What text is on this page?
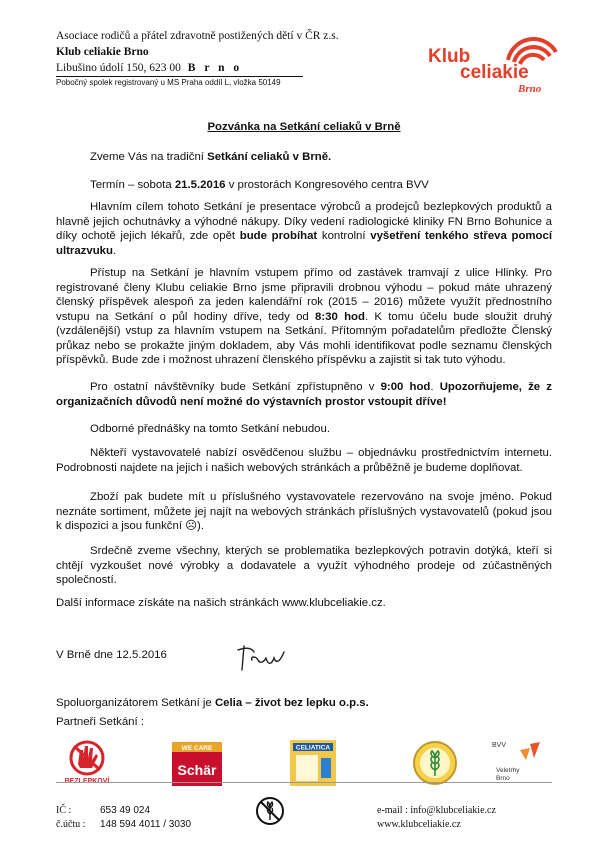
Asociace rodičů a přátel zdravotně postižených dětí v ČR z.s.
Klub celiakie Brno
Libušino údolí 150, 623 00 B r n o
Pobočný spolek registrovaný u MS Praha oddíl L, vložka 50149
Klub
celiakie
Brno
Pozvánka na Setkání celiaků v Brně
Zveme Vás na tradiční Setkání celiaků v Brně.
Termín – sobota 21.5.2016 v prostorách Kongresového centra BVV
Hlavním cílem tohoto Setkání je presentace výrobců a prodejců bezlepkových produktů a hlavně jejich ochutnávky a výhodné nákupy. Díky vedení radiologické kliniky FN Brno Bohunice a díky ochotě jejich lékařů, zde opět bude probíhat kontrolní vyšetření tenkého střeva pomocí ultrazvuku.
Přístup na Setkání je hlavním vstupem přímo od zastávek tramvají z ulice Hlinky. Pro registrované členy Klubu celiakie Brno jsme připravili drobnou výhodu – pokud máte uhrazený členský příspěvek alespoň za jeden kalendářní rok (2015 – 2016) můžete využít přednostního vstupu na Setkání o půl hodiny dříve, tedy od 8:30 hod. K tomu účelu bude sloužit druhý (vzdálenější) vstup za hlavním vstupem na Setkání. Přítomným pořadatelům předložte Členský průkaz nebo se prokažte jiným dokladem, aby Vás mohli identifikovat podle seznamu členských příspěvků. Bude zde i možnost uhrazení členského příspěvku a zajistit si tak tuto výhodu.
Pro ostatní návštěvníky bude Setkání zpřístupněno v 9:00 hod. Upozorňujeme, že z organizačních důvodů není možné do výstavních prostor vstoupit dříve!
Odborné přednášky na tomto Setkání nebudou.
Někteří vystavovatelé nabízí osvědčenou službu – objednávku prostřednictvím internetu. Podrobnosti najdete na jejich i našich webových stránkách a průběžně je budeme doplňovat.
Zboží pak budete mít u příslušného vystavovatele rezervováno na svoje jméno. Pokud neznáte sortiment, můžete jej najít na webových stránkách příslušných vystavovatelů (pokud jsou k dispozici a jsou funkční ☹).
Srdečně zveme všechny, kterých se problematika bezlepkových potravin dotýká, kteří si chtějí vyzkoušet nové výrobky a dodavatele a využít výhodného prodeje od zúčastněných společností.
Další informace získáte na našich stránkách www.klubceliakie.cz.
V Brně dne 12.5.2016
Spoluorganizátorem Setkání je Celia – život bez lepku o.p.s.
Partneři Setkání :
BEZLEPKOVÍ
WE CARE
Schär
CELIATICA	BVV
Veletrhy
Brno
IČ :	653 49 024
č.účtu : 148 594 4011 / 3030
e-mail : info@klubceliakie.cz
www.klubceliakie.cz
